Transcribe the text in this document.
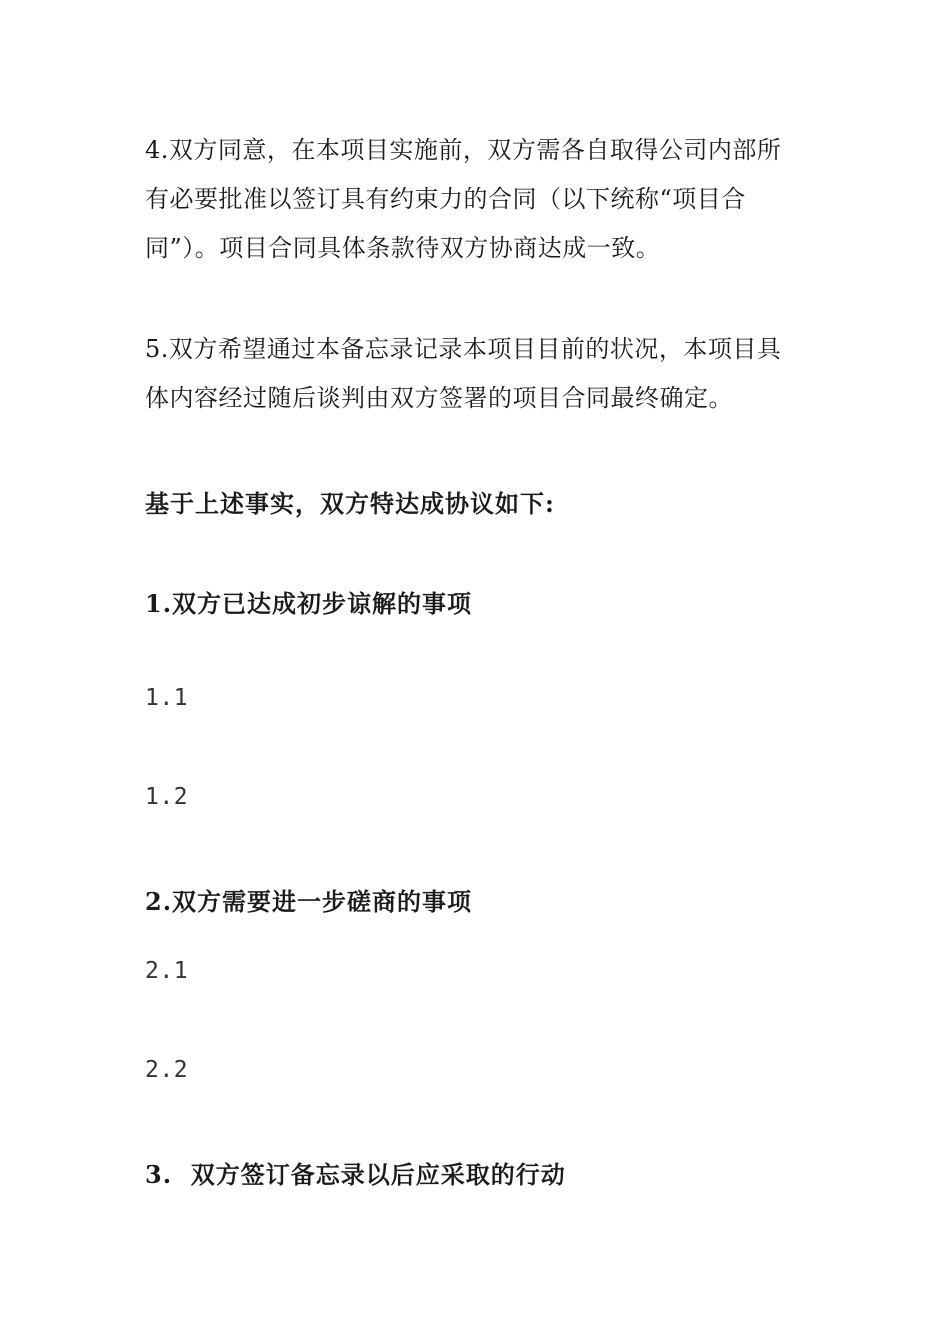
4.双方同意，在本项目实施前，双方需各自取得公司内部所
有必要批准以签订具有约束力的合同（以下统称“项目合
同”）。项目合同具体条款待双方协商达成一致。
5.双方希望通过本备忘录记录本项目目前的状况，本项目具
体内容经过随后谈判由双方签署的项目合同最终确定。
基于上述事实，双方特达成协议如下:
1.双方已达成初步谅解的事项
1.1
1.2
2.双方需要进一步磋商的事项
2.1
2.2
3.  双方签订备忘录以后应采取的行动
